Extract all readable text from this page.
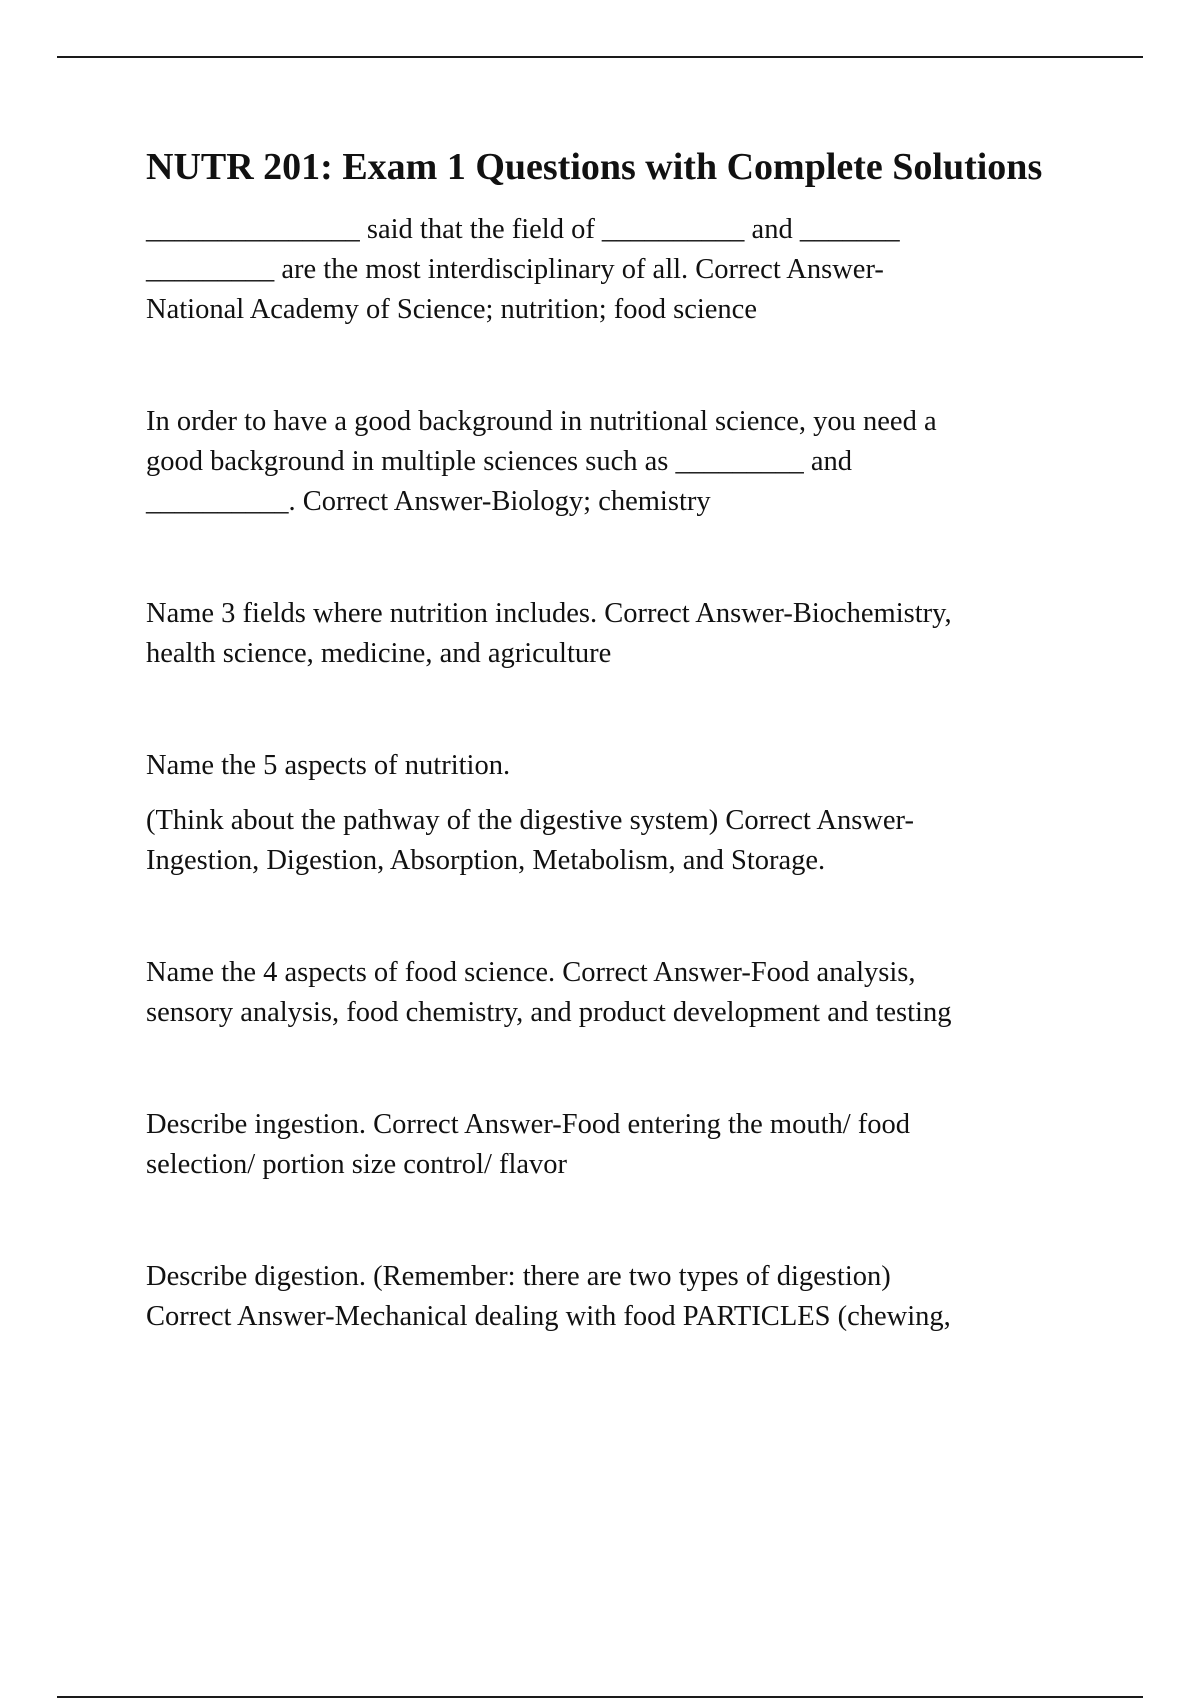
NUTR 201: Exam 1 Questions with Complete Solutions

_______________ said that the field of __________ and _______
_________ are the most interdisciplinary of all. Correct Answer-
National Academy of Science; nutrition; food science

In order to have a good background in nutritional science, you need a
good background in multiple sciences such as _________ and
__________. Correct Answer-Biology; chemistry

Name 3 fields where nutrition includes. Correct Answer-Biochemistry,
health science, medicine, and agriculture

Name the 5 aspects of nutrition.

(Think about the pathway of the digestive system) Correct Answer-
Ingestion, Digestion, Absorption, Metabolism, and Storage.

Name the 4 aspects of food science. Correct Answer-Food analysis,
sensory analysis, food chemistry, and product development and testing

Describe ingestion. Correct Answer-Food entering the mouth/ food
selection/ portion size control/ flavor

Describe digestion. (Remember: there are two types of digestion)
Correct Answer-Mechanical dealing with food PARTICLES (chewing,
